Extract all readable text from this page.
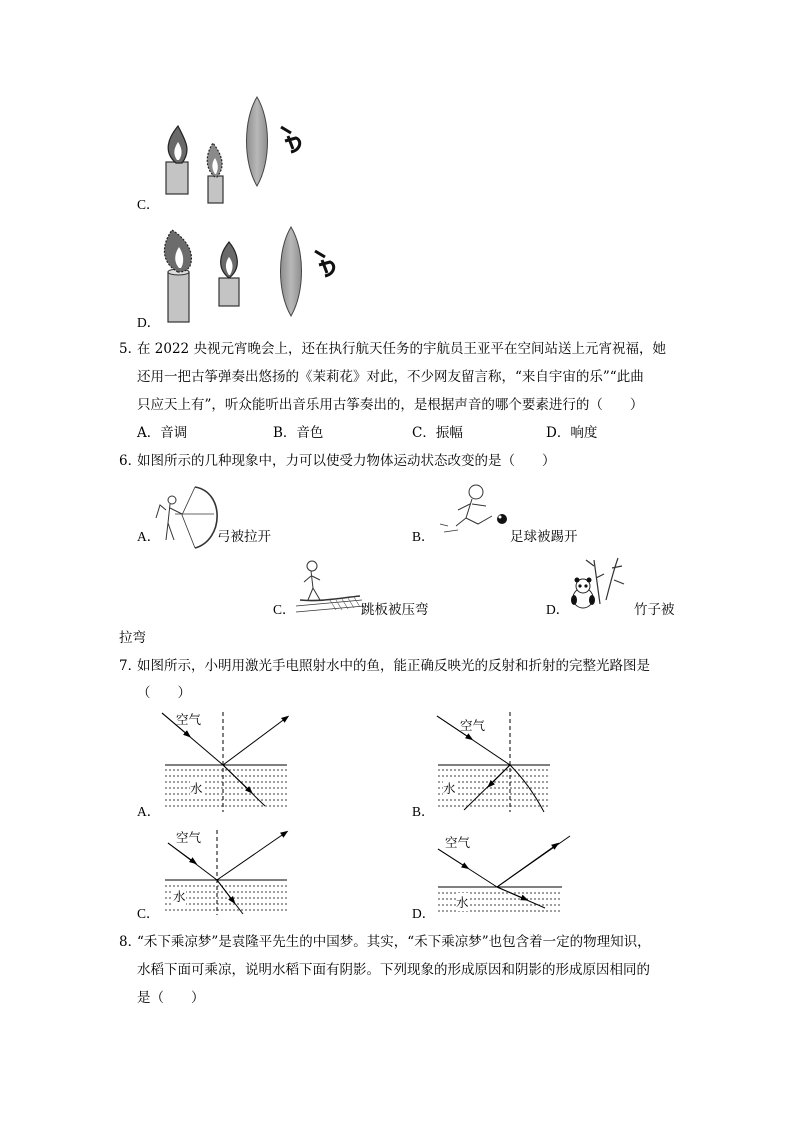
C．
D．
5．
在 2022 央视元宵晚会上，还在执行航天任务的宇航员王亚平在空间站送上元宵祝福，她
还用一把古筝弹奏出悠扬的《茉莉花》对此，不少网友留言称，“来自宇宙的乐”“此曲
只应天上有”，听众能听出音乐用古筝奏出的，是根据声音的哪个要素进行的（　　）
A．音调	B．音色	C．振幅	D．响度
6．
如图所示的几种现象中，力可以使受力物体运动状态改变的是（　　）
A．	弓被拉开	B．	足球被踢开
C．	跳板被压弯	D．	竹子被
拉弯
7．
如图所示，小明用激光手电照射水中的鱼，能正确反映光的反射和折射的完整光路图是
（　　）
空气
水
空气
水
空气
水
空气
水
A．	B．
C．	D．
8．
“禾下乘凉梦”是袁隆平先生的中国梦。其实，“禾下乘凉梦”也包含着一定的物理知识，
水稻下面可乘凉，说明水稻下面有阴影。下列现象的形成原因和阴影的形成原因相同的
是（　　）
